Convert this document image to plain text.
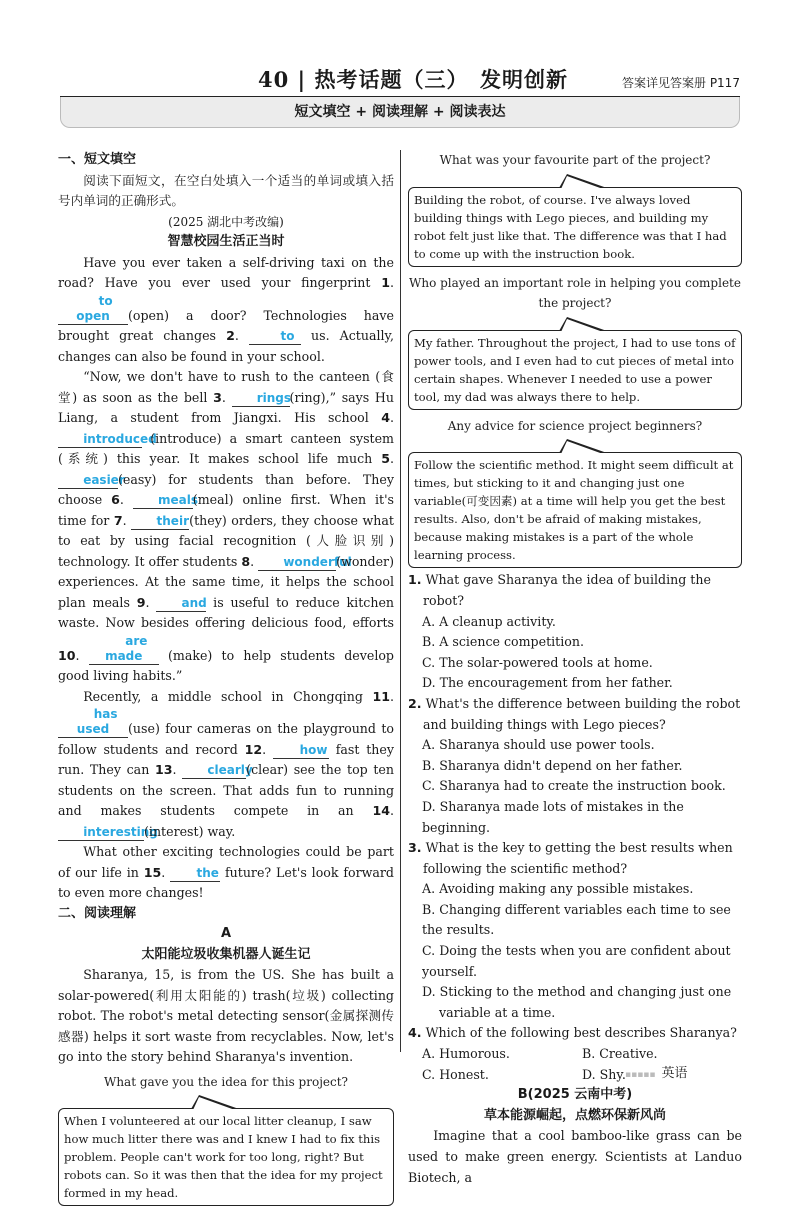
40 | 热考话题（三）　发明创新	答案详见答案册 P117
短文填空 + 阅读理解 + 阅读表达
一、短文填空

阅读下面短文，在空白处填入一个适当的单词或填入括号内单词的正确形式。

(2025 湖北中考改编)
智慧校园生活正当时

Have you ever taken a self-driving taxi on the road? Have you ever used your fingerprint 1. to open (open) a door? Technologies have brought great changes 2.	to us. Actually, changes can also be found in your school.

“Now, we don't have to rush to the canteen (食堂) as soon as the bell 3. rings(ring),” says Hu Liang, a student from Jiangxi. His school 4. introduced (introduce) a smart canteen system (系统) this year. It makes school life much 5. easier(easy) for students than before. They choose 6. meals(meal) online first. When it's time for 7. their(they) orders, they choose what to eat by using facial recognition (人脸识别) technology. It offer students 8. wonderful(wonder) experiences. At the same time, it helps the school plan meals 9. and is useful to reduce kitchen waste. Now besides offering delicious food, efforts 10. are made (make) to help students develop good living habits.”

Recently, a middle school in Chongqing 11. has used (use) four cameras on the playground to follow students and record 12. how fast they run. They can 13. clearly(clear) see the top ten students on the screen. That adds fun to running and makes students compete in an 14. interesting(interest) way.

What other exciting technologies could be part of our life in 15. the future? Let's look forward to even more changes!

二、阅读理解
A
太阳能垃圾收集机器人诞生记

Sharanya, 15, is from the US. She has built a solar-powered(利用太阳能的) trash(垃圾) collecting robot. The robot's metal detecting sensor(金属探测传感器) helps it sort waste from recyclables. Now, let's go into the story behind Sharanya's invention.

What gave you the idea for this project?

When I volunteered at our local litter cleanup, I saw how much litter there was and I knew I had to fix this problem. People can't work for too long, right? But robots can. So it was then that the idea for my project formed in my head.

What was your favourite part of the project?

Building the robot, of course. I've always loved building things with Lego pieces, and building my robot felt just like that. The difference was that I had to come up with the instruction book.

Who played an important role in helping you complete the project?

My father. Throughout the project, I had to use tons of power tools, and I even had to cut pieces of metal into certain shapes. Whenever I needed to use a power tool, my dad was always there to help.

Any advice for science project beginners?

Follow the scientific method. It might seem difficult at times, but sticking to it and changing just one variable(可变因素) at a time will help you get the best results. Also, don't be afraid of making mistakes, because making mistakes is a part of the whole learning process.

1. What gave Sharanya the idea of building the robot?

A. A cleanup activity.

B. A science competition.

C. The solar-powered tools at home.

D. The encouragement from her father.

2. What's the difference between building the robot and building things with Lego pieces?

A. Sharanya should use power tools.

B. Sharanya didn't depend on her father.

C. Sharanya had to create the instruction book.

D. Sharanya made lots of mistakes in the beginning.

3. What is the key to getting the best results when following the scientific method?

A. Avoiding making any possible mistakes.

B. Changing different variables each time to see the results.

C. Doing the tests when you are confident about yourself.

D. Sticking to the method and changing just one variable at a time.

4. Which of the following best describes Sharanya?

A. Humorous.	B. Creative.
C. Honest.	D. Shy.
B(2025 云南中考)
草本能源崛起，点燃环保新风尚

Imagine that a cool bamboo-like grass can be used to make green energy. Scientists at Landuo Biotech, a

▪▪▪▪▪ 英语
